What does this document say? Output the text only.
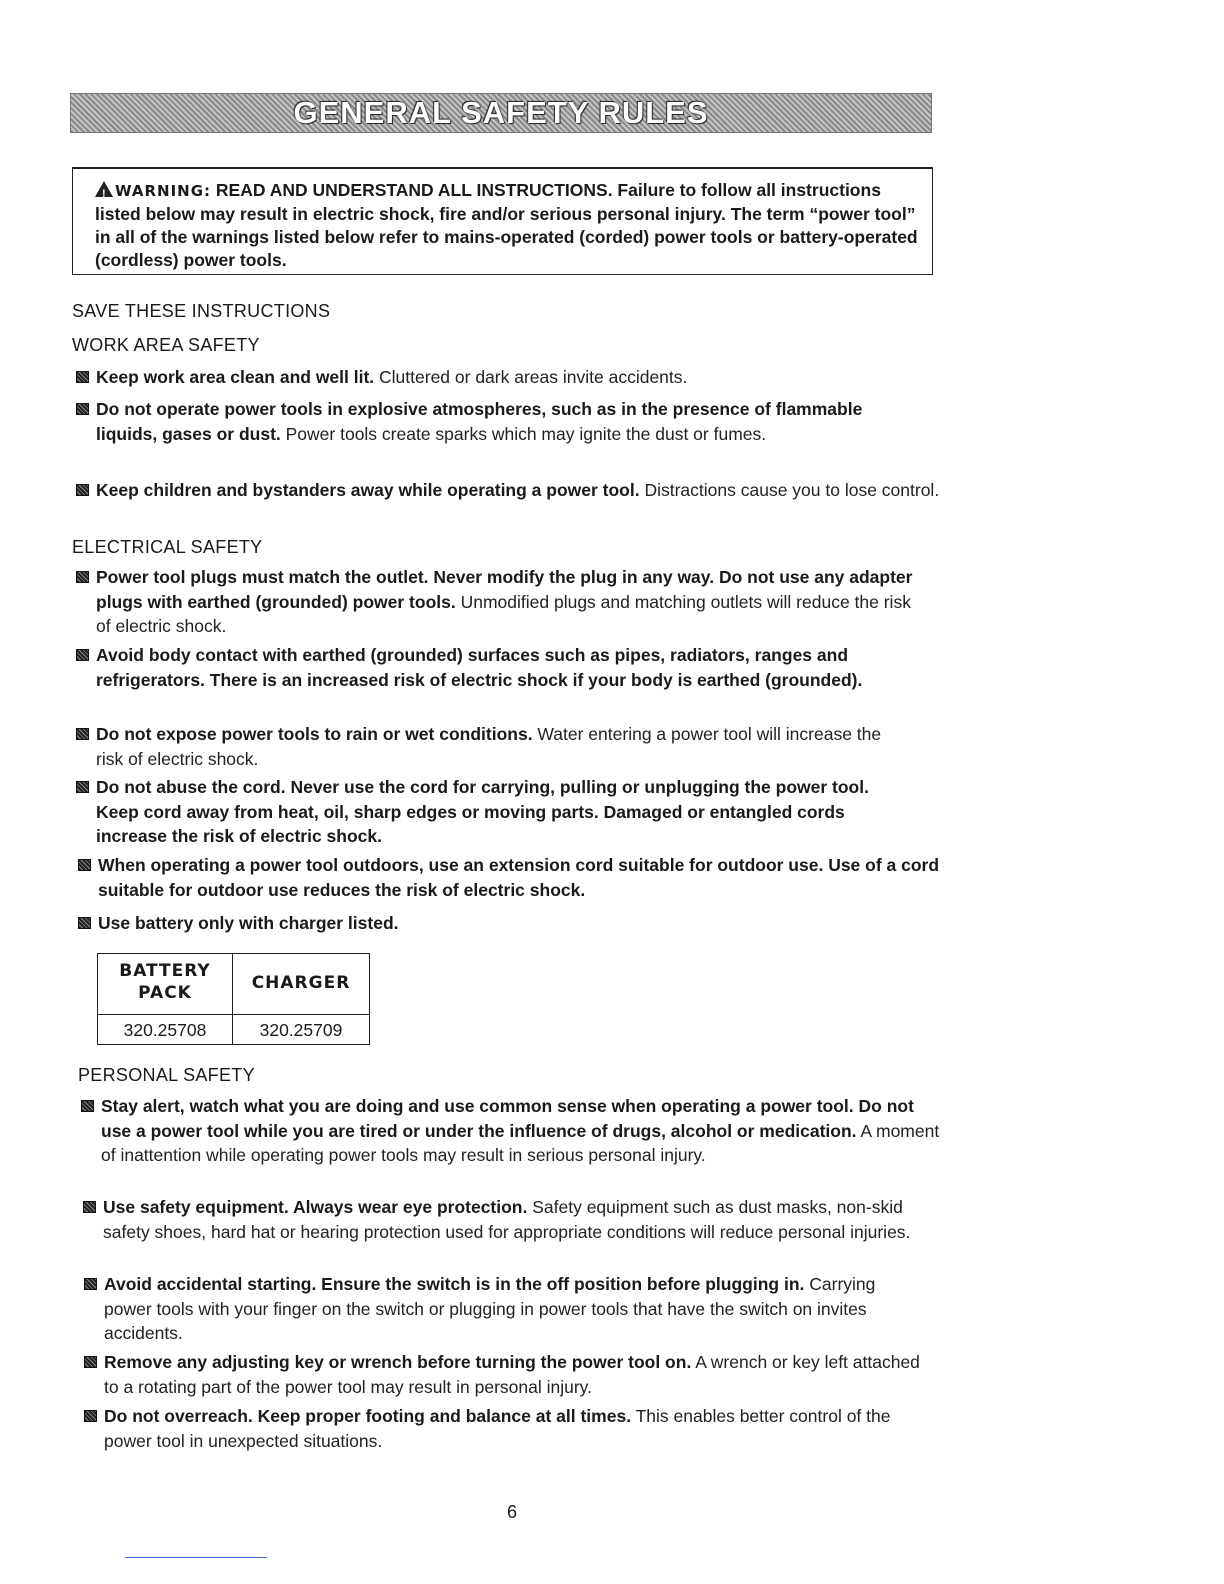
GENERAL SAFETY RULES
!WARNING: READ AND UNDERSTAND ALL INSTRUCTIONS. Failure to follow all instructions listed below may result in electric shock, fire and/or serious personal injury. The term “power tool” in all of the warnings listed below refer to mains-operated (corded) power tools or battery-operated (cordless) power tools.
SAVE THESE INSTRUCTIONS
WORK AREA SAFETY
Keep work area clean and well lit. Cluttered or dark areas invite accidents.
Do not operate power tools in explosive atmospheres, such as in the presence of flammable liquids, gases or dust. Power tools create sparks which may ignite the dust or fumes.
Keep children and bystanders away while operating a power tool. Distractions cause you to lose control.
ELECTRICAL SAFETY
Power tool plugs must match the outlet. Never modify the plug in any way. Do not use any adapter plugs with earthed (grounded) power tools. Unmodified plugs and matching outlets will reduce the risk of electric shock.
Avoid body contact with earthed (grounded) surfaces such as pipes, radiators, ranges and refrigerators. There is an increased risk of electric shock if your body is earthed (grounded).
Do not expose power tools to rain or wet conditions. Water entering a power tool will increase the risk of electric shock.
Do not abuse the cord. Never use the cord for carrying, pulling or unplugging the power tool. Keep cord away from heat, oil, sharp edges or moving parts. Damaged or entangled cords increase the risk of electric shock.
When operating a power tool outdoors, use an extension cord suitable for outdoor use. Use of a cord suitable for outdoor use reduces the risk of electric shock.
Use battery only with charger listed.
BATTERY
PACK	CHARGER
320.25708	320.25709
PERSONAL SAFETY
Stay alert, watch what you are doing and use common sense when operating a power tool. Do not use a power tool while you are tired or under the influence of drugs, alcohol or medication. A moment of inattention while operating power tools may result in serious personal injury.
Use safety equipment. Always wear eye protection. Safety equipment such as dust masks, non-skid safety shoes, hard hat or hearing protection used for appropriate conditions will reduce personal injuries.
Avoid accidental starting. Ensure the switch is in the off position before plugging in. Carrying power tools with your finger on the switch or plugging in power tools that have the switch on invites accidents.
Remove any adjusting key or wrench before turning the power tool on. A wrench or key left attached to a rotating part of the power tool may result in personal injury.
Do not overreach. Keep proper footing and balance at all times. This enables better control of the power tool in unexpected situations.
6
